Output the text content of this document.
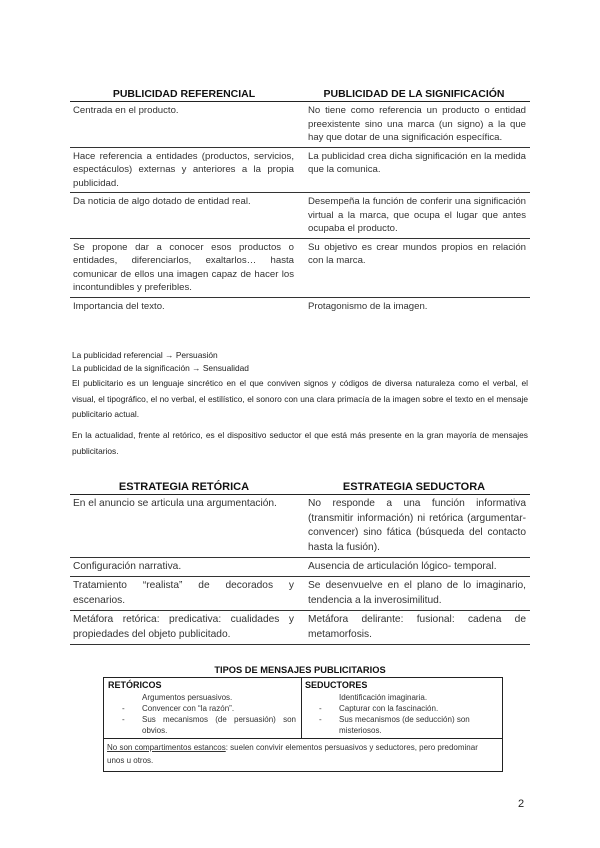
PUBLICIDAD REFERENCIAL	PUBLICIDAD DE LA SIGNIFICACIÓN
Centrada en el producto.	No tiene como referencia un producto o entidad preexistente sino una marca (un signo) a la que hay que dotar de una significación específica.
Hace referencia a entidades (productos, servicios, espectáculos) externas y anteriores a la propia publicidad.	La publicidad crea dicha significación en la medida que la comunica.
Da noticia de algo dotado de entidad real.	Desempeña la función de conferir una significación virtual a la marca, que ocupa el lugar que antes ocupaba el producto.
Se propone dar a conocer esos productos o entidades, diferenciarlos, exaltarlos… hasta comunicar de ellos una imagen capaz de hacer los incontundibles y preferibles.	Su objetivo es crear mundos propios en relación con la marca.
Importancia del texto.	Protagonismo de la imagen.
La publicidad referencial → Persuasión
La publicidad de la significación → Sensualidad

El publicitario es un lenguaje sincrético en el que conviven signos y códigos de diversa naturaleza como el verbal, el visual, el tipográfico, el no verbal, el estilístico, el sonoro con una clara primacía de la imagen sobre el texto en el mensaje publicitario actual.

En la actualidad, frente al retórico, es el dispositivo seductor el que está más presente en la gran mayoría de mensajes publicitarios.

ESTRATEGIA RETÓRICA	ESTRATEGIA SEDUCTORA
En el anuncio se articula una argumentación.	No responde a una función informativa (transmitir información) ni retórica (argumentar-convencer) sino fática (búsqueda del contacto hasta la fusión).
Configuración narrativa.	Ausencia de articulación lógico- temporal.
Tratamiento “realista” de decorados y escenarios.	Se desenvuelve en el plano de lo imaginario, tendencia a la inverosimilitud.
Metáfora retórica: predicativa: cualidades y propiedades del objeto publicitado.	Metáfora delirante: fusional: cadena de metamorfosis.
TIPOS DE MENSAJES PUBLICITARIOS
RETÓRICOS
Argumentos persuasivos.
- Convencer con “la razón”.
- Sus mecanismos (de persuasión) son obvios.
SEDUCTORES
Identificación imaginaria.
- Capturar con la fascinación.
- Sus mecanismos (de seducción) son misteriosos.
No son compartimentos estancos: suelen convivir elementos persuasivos y seductores, pero predominar unos u otros.
2
